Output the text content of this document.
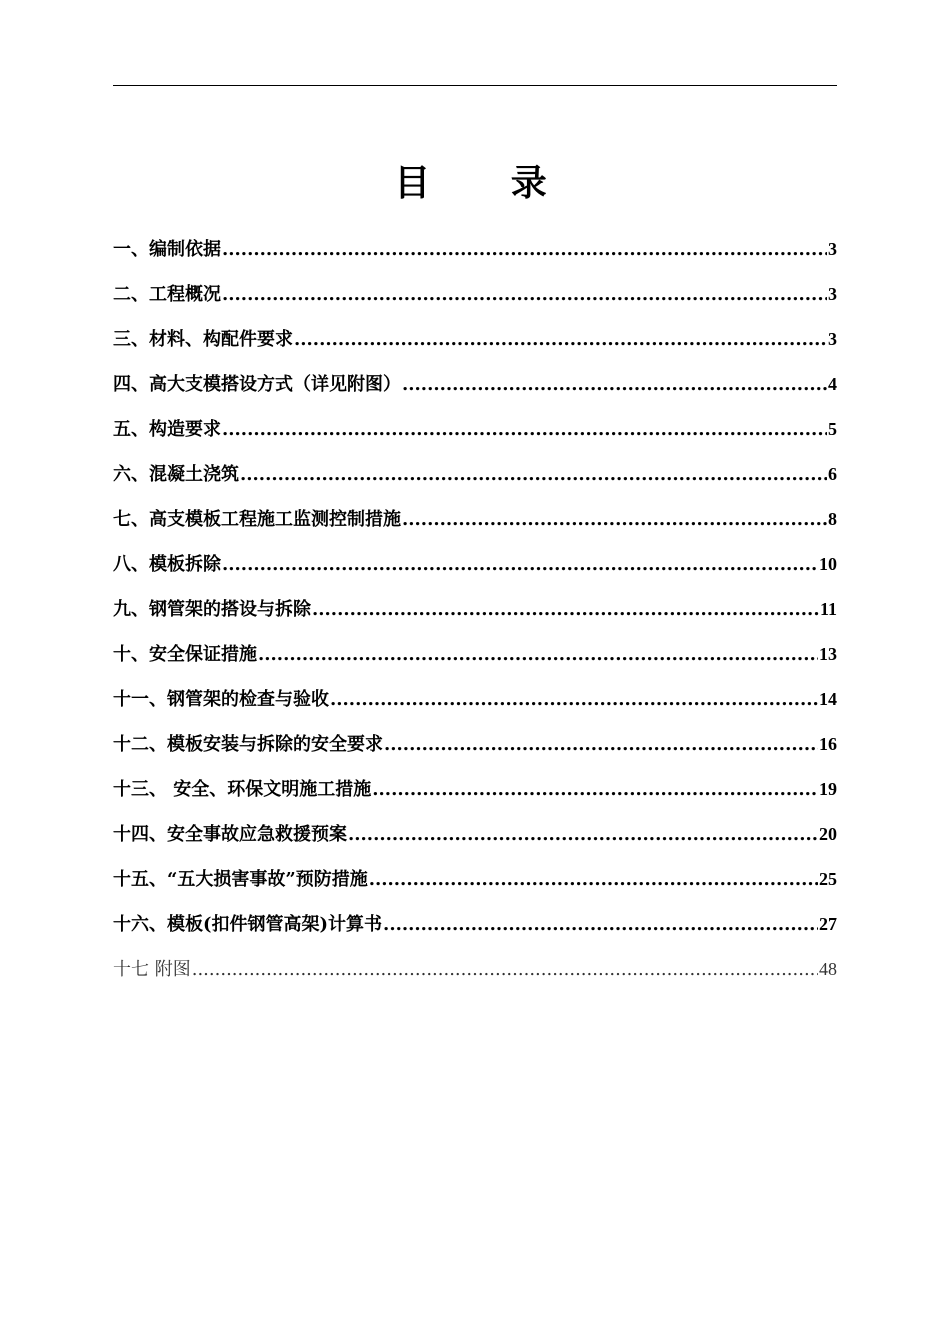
目 录
一、编制依据 .....	3
二、工程概况 .....	3
三、材料、构配件要求 .....	3
四、高大支模搭设方式（详见附图） .....	4
五、构造要求 .....	5
六、混凝土浇筑 .....	6
七、高支模板工程施工监测控制措施 .....	8
八、模板拆除 .....	10
九、钢管架的搭设与拆除 .....	11
十、安全保证措施 .....	13
十一、钢管架的检查与验收 .....	14
十二、模板安装与拆除的安全要求 .....	16
十三、 安全、环保文明施工措施 .....	19
十四、安全事故应急救援预案 .....	20
十五、“五大损害事故”预防措施 .....	25
十六、模板(扣件钢管高架)计算书 .....	27
十七 附图 .....	48
